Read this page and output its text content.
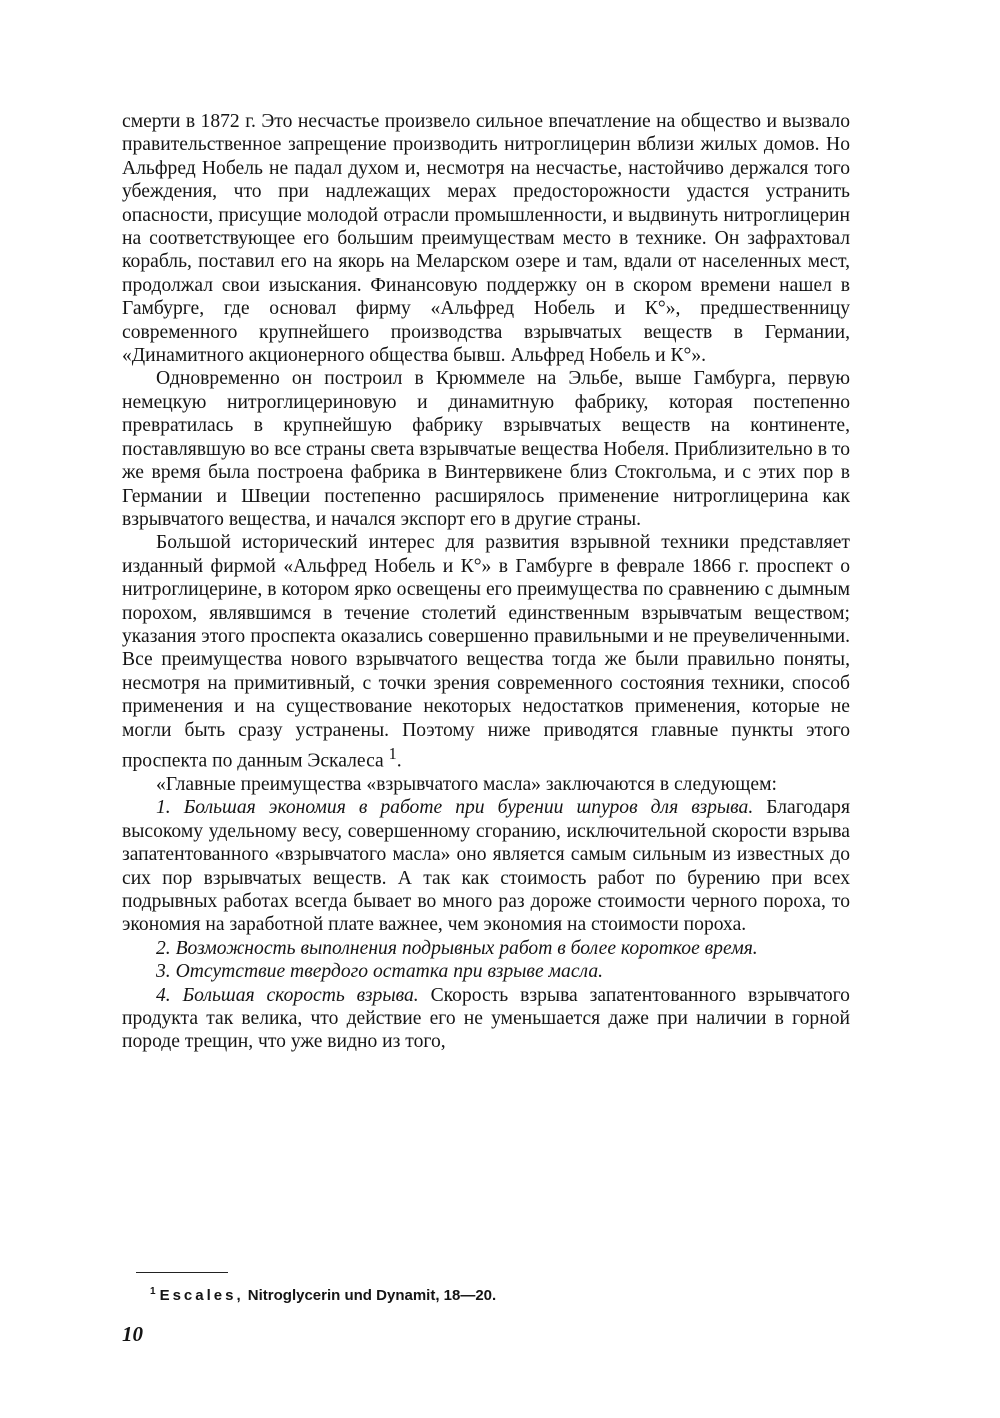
смерти в 1872 г. Это несчастье произвело сильное впечатление на общество и вызвало правительственное запрещение производить нитроглицерин вблизи жилых домов. Но Альфред Нобель не падал духом и, несмотря на несчастье, настойчиво держался того убеждения, что при надлежащих мерах предосторожности удастся устранить опасности, присущие молодой отрасли промышленности, и выдвинуть нитроглицерин на соответствующее его большим преимуществам место в технике. Он зафрахтовал корабль, поставил его на якорь на Меларском озере и там, вдали от населенных мест, продолжал свои изыскания. Финансовую поддержку он в скором времени нашел в Гамбурге, где основал фирму «Альфред Нобель и К°», предшественницу современного крупнейшего производства взрывчатых веществ в Германии, «Динамитного акционерного общества бывш. Альфред Нобель и К°».

Одновременно он построил в Крюммеле на Эльбе, выше Гамбурга, первую немецкую нитроглицериновую и динамитную фабрику, которая постепенно превратилась в крупнейшую фабрику взрывчатых веществ на континенте, поставлявшую во все страны света взрывчатые вещества Нобеля. Приблизительно в то же время была построена фабрика в Винтервикене близ Стокгольма, и с этих пор в Германии и Швеции постепенно расширялось применение нитроглицерина как взрывчатого вещества, и начался экспорт его в другие страны.

Большой исторический интерес для развития взрывной техники представляет изданный фирмой «Альфред Нобель и К°» в Гамбурге в феврале 1866 г. проспект о нитроглицерине, в котором ярко освещены его преимущества по сравнению с дымным порохом, являвшимся в течение столетий единственным взрывчатым веществом; указания этого проспекта оказались совершенно правильными и не преувеличенными. Все преимущества нового взрывчатого вещества тогда же были правильно поняты, несмотря на примитивный, с точки зрения современного состояния техники, способ применения и на существование некоторых недостатков применения, которые не могли быть сразу устранены. Поэтому ниже приводятся главные пункты этого проспекта по данным Эскалеса $^1$.

«Главные преимущества «взрывчатого масла» заключаются в следующем:

1. Большая экономия в работе при бурении шпуров для взрыва. Благодаря высокому удельному весу, совершенному сгоранию, исключительной скорости взрыва запатентованного «взрывчатого масла» оно является самым сильным из известных до сих пор взрывчатых веществ. А так как стоимость работ по бурению при всех подрывных работах всегда бывает во много раз дороже стоимости черного пороха, то экономия на заработной плате важнее, чем экономия на стоимости пороха.

2. Возможность выполнения подрывных работ в более короткое время.

3. Отсутствие твердого остатка при взрыве масла.

4. Большая скорость взрыва. Скорость взрыва запатентованного взрывчатого продукта так велика, что действие его не уменьшается даже при наличии в горной породе трещин, что уже видно из того,

$^1$ Escales, Nitroglycerin und Dynamit, 18—20.
10
